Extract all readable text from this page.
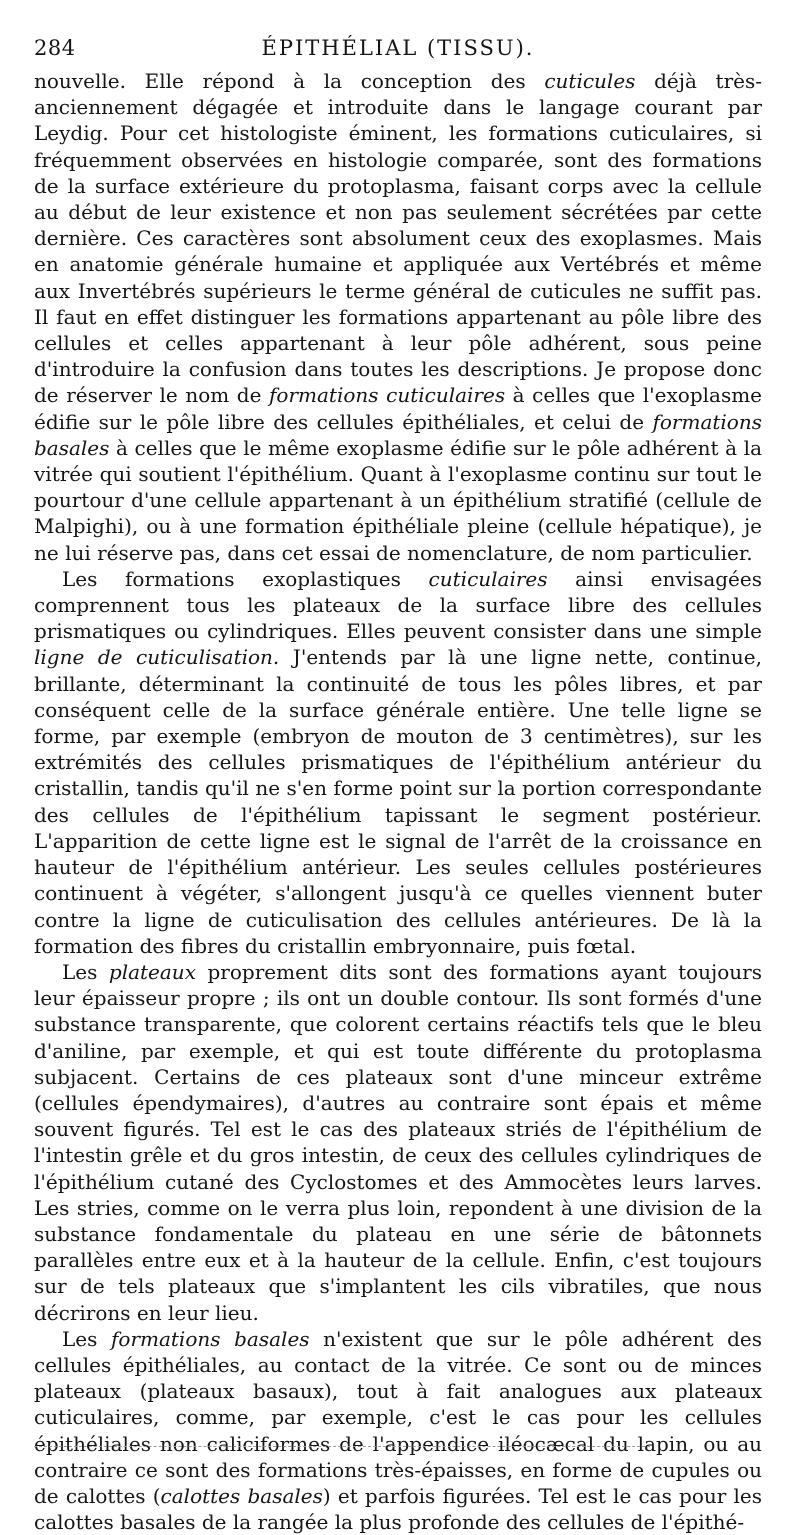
284	ÉPITHÉLIAL (TISSU).

nouvelle. Elle répond à la conception des cuticules déjà très-anciennement dégagée et introduite dans le langage courant par Leydig. Pour cet histologiste éminent, les formations cuticulaires, si fréquemment observées en histologie comparée, sont des formations de la surface extérieure du protoplasma, faisant corps avec la cellule au début de leur existence et non pas seulement sécrétées par cette dernière. Ces caractères sont absolument ceux des exoplasmes. Mais en anatomie générale humaine et appliquée aux Vertébrés et même aux Invertébrés supérieurs le terme général de cuticules ne suffit pas. Il faut en effet distinguer les formations appartenant au pôle libre des cellules et celles appartenant à leur pôle adhérent, sous peine d'introduire la confusion dans toutes les descriptions. Je propose donc de réserver le nom de formations cuticulaires à celles que l'exoplasme édifie sur le pôle libre des cellules épithéliales, et celui de formations basales à celles que le même exoplasme édifie sur le pôle adhérent à la vitrée qui soutient l'épithélium. Quant à l'exoplasme continu sur tout le pourtour d'une cellule appartenant à un épithélium stratifié (cellule de Malpighi), ou à une formation épithéliale pleine (cellule hépatique), je ne lui réserve pas, dans cet essai de nomenclature, de nom particulier.

Les formations exoplastiques cuticulaires ainsi envisagées comprennent tous les plateaux de la surface libre des cellules prismatiques ou cylindriques. Elles peuvent consister dans une simple ligne de cuticulisation. J'entends par là une ligne nette, continue, brillante, déterminant la continuité de tous les pôles libres, et par conséquent celle de la surface générale entière. Une telle ligne se forme, par exemple (embryon de mouton de 3 centimètres), sur les extrémités des cellules prismatiques de l'épithélium antérieur du cristallin, tandis qu'il ne s'en forme point sur la portion correspondante des cellules de l'épithélium tapissant le segment postérieur. L'apparition de cette ligne est le signal de l'arrêt de la croissance en hauteur de l'épithélium antérieur. Les seules cellules postérieures continuent à végéter, s'allongent jusqu'à ce quelles viennent buter contre la ligne de cuticulisation des cellules antérieures. De là la formation des fibres du cristallin embryonnaire, puis fœtal.

Les plateaux proprement dits sont des formations ayant toujours leur épaisseur propre ; ils ont un double contour. Ils sont formés d'une substance transparente, que colorent certains réactifs tels que le bleu d'aniline, par exemple, et qui est toute différente du protoplasma subjacent. Certains de ces plateaux sont d'une minceur extrême (cellules épendymaires), d'autres au contraire sont épais et même souvent figurés. Tel est le cas des plateaux striés de l'épithélium de l'intestin grêle et du gros intestin, de ceux des cellules cylindriques de l'épithélium cutané des Cyclostomes et des Ammocètes leurs larves. Les stries, comme on le verra plus loin, repondent à une division de la substance fondamentale du plateau en une série de bâtonnets parallèles entre eux et à la hauteur de la cellule. Enfin, c'est toujours sur de tels plateaux que s'implantent les cils vibratiles, que nous décrirons en leur lieu.

Les formations basales n'existent que sur le pôle adhérent des cellules épithéliales, au contact de la vitrée. Ce sont ou de minces plateaux (plateaux basaux), tout à fait analogues aux plateaux cuticulaires, comme, par exemple, c'est le cas pour les cellules épithéliales non caliciformes de l'appendice iléocæcal du lapin, ou au contraire ce sont des formations très-épaisses, en forme de cupules ou de calottes (calottes basales) et parfois figurées. Tel est le cas pour les calottes basales de la rangée la plus profonde des cellules de l'épithé-
